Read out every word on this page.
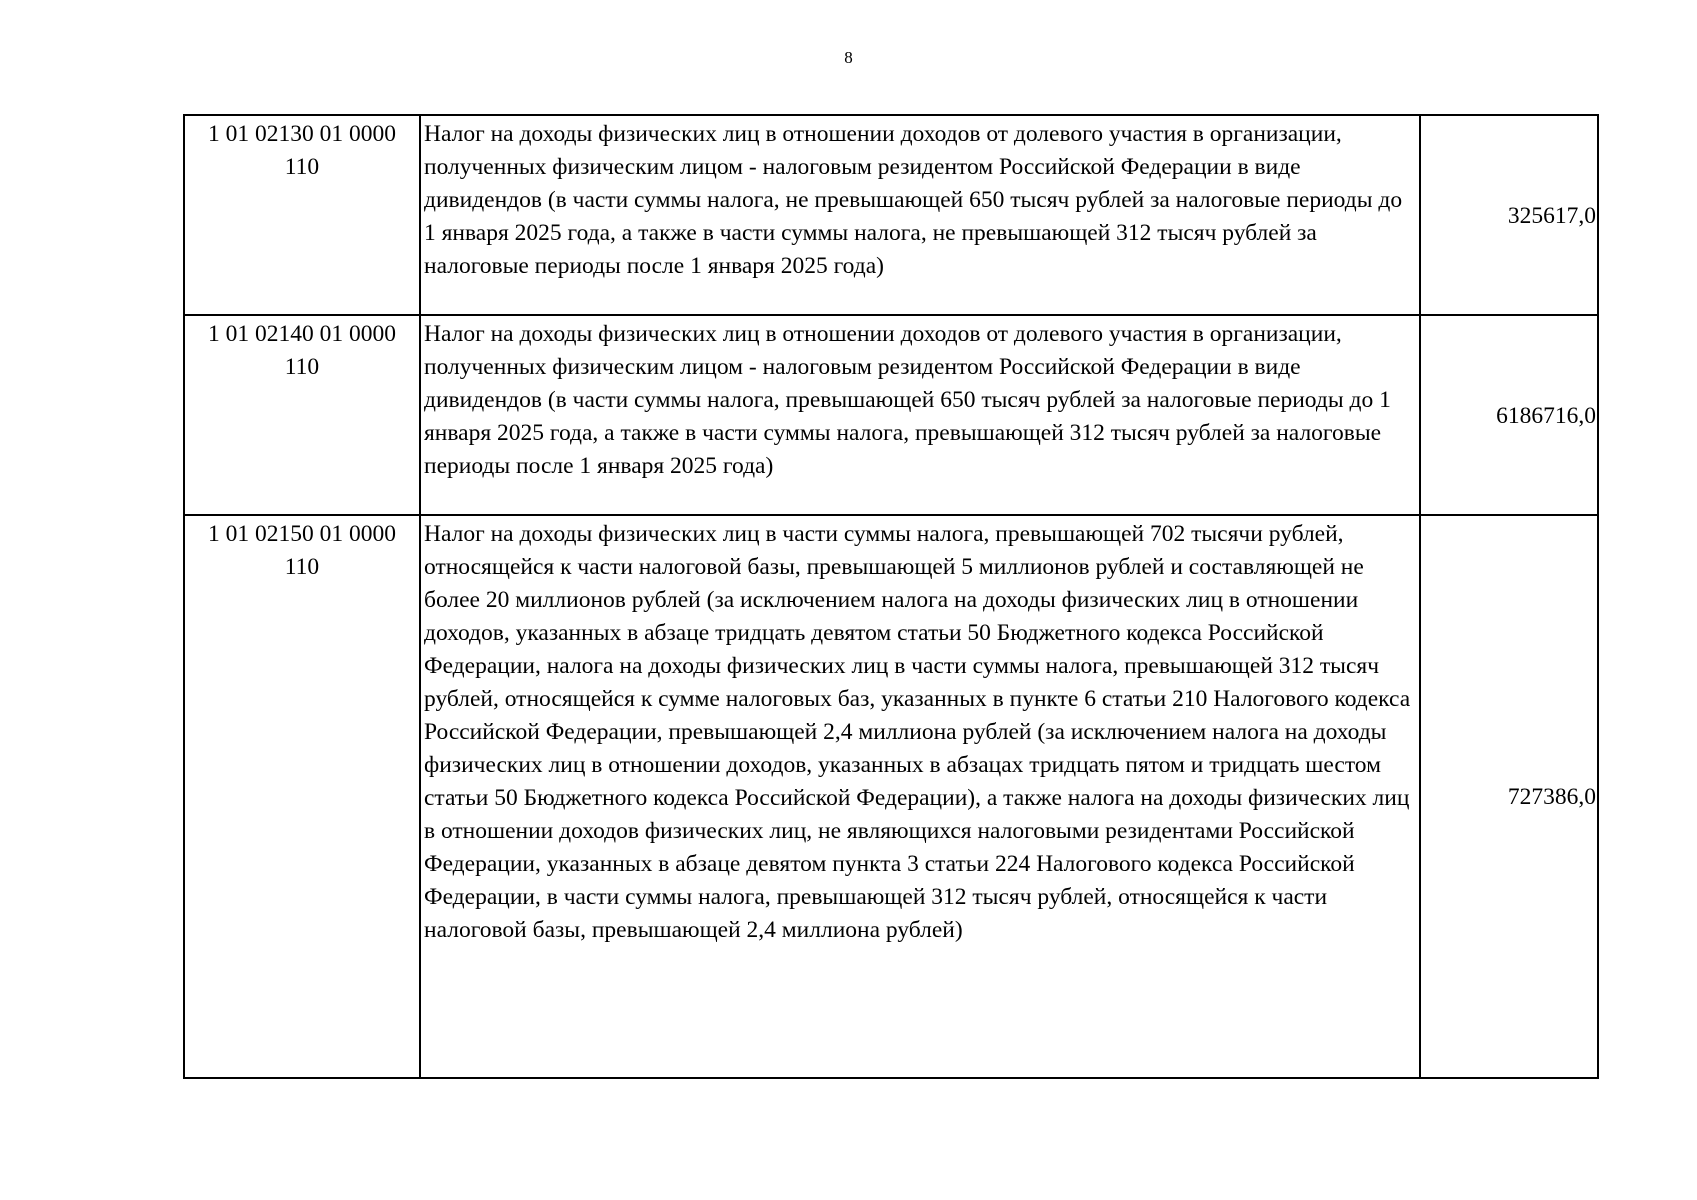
8
1 01 02130 01 0000 110	Налог на доходы физических лиц в отношении доходов от долевого участия в организации, полученных физическим лицом - налоговым резидентом Российской Федерации в виде дивидендов (в части суммы налога, не превышающей 650 тысяч рублей за налоговые периоды до 1 января 2025 года, а также в части суммы налога, не превышающей 312 тысяч рублей за налоговые периоды после 1 января 2025 года)	325617,0
1 01 02140 01 0000 110	Налог на доходы физических лиц в отношении доходов от долевого участия в организации, полученных физическим лицом - налоговым резидентом Российской Федерации в виде дивидендов (в части суммы налога, превышающей 650 тысяч рублей за налоговые периоды до 1 января 2025 года, а также в части суммы налога, превышающей 312 тысяч рублей за налоговые периоды после 1 января 2025 года)	6186716,0
1 01 02150 01 0000 110	Налог на доходы физических лиц в части суммы налога, превышающей 702 тысячи рублей, относящейся к части налоговой базы, превышающей 5 миллионов рублей и составляющей не более 20 миллионов рублей (за исключением налога на доходы физических лиц в отношении доходов, указанных в абзаце тридцать девятом статьи 50 Бюджетного кодекса Российской Федерации, налога на доходы физических лиц в части суммы налога, превышающей 312 тысяч рублей, относящейся к сумме налоговых баз, указанных в пункте 6 статьи 210 Налогового кодекса Российской Федерации, превышающей 2,4 миллиона рублей (за исключением налога на доходы физических лиц в отношении доходов, указанных в абзацах тридцать пятом и тридцать шестом статьи 50 Бюджетного кодекса Российской Федерации), а также налога на доходы физических лиц в отношении доходов физических лиц, не являющихся налоговыми резидентами Российской Федерации, указанных в абзаце девятом пункта 3 статьи 224 Налогового кодекса Российской Федерации, в части суммы налога, превышающей 312 тысяч рублей, относящейся к части налоговой базы, превышающей 2,4 миллиона рублей)	727386,0
